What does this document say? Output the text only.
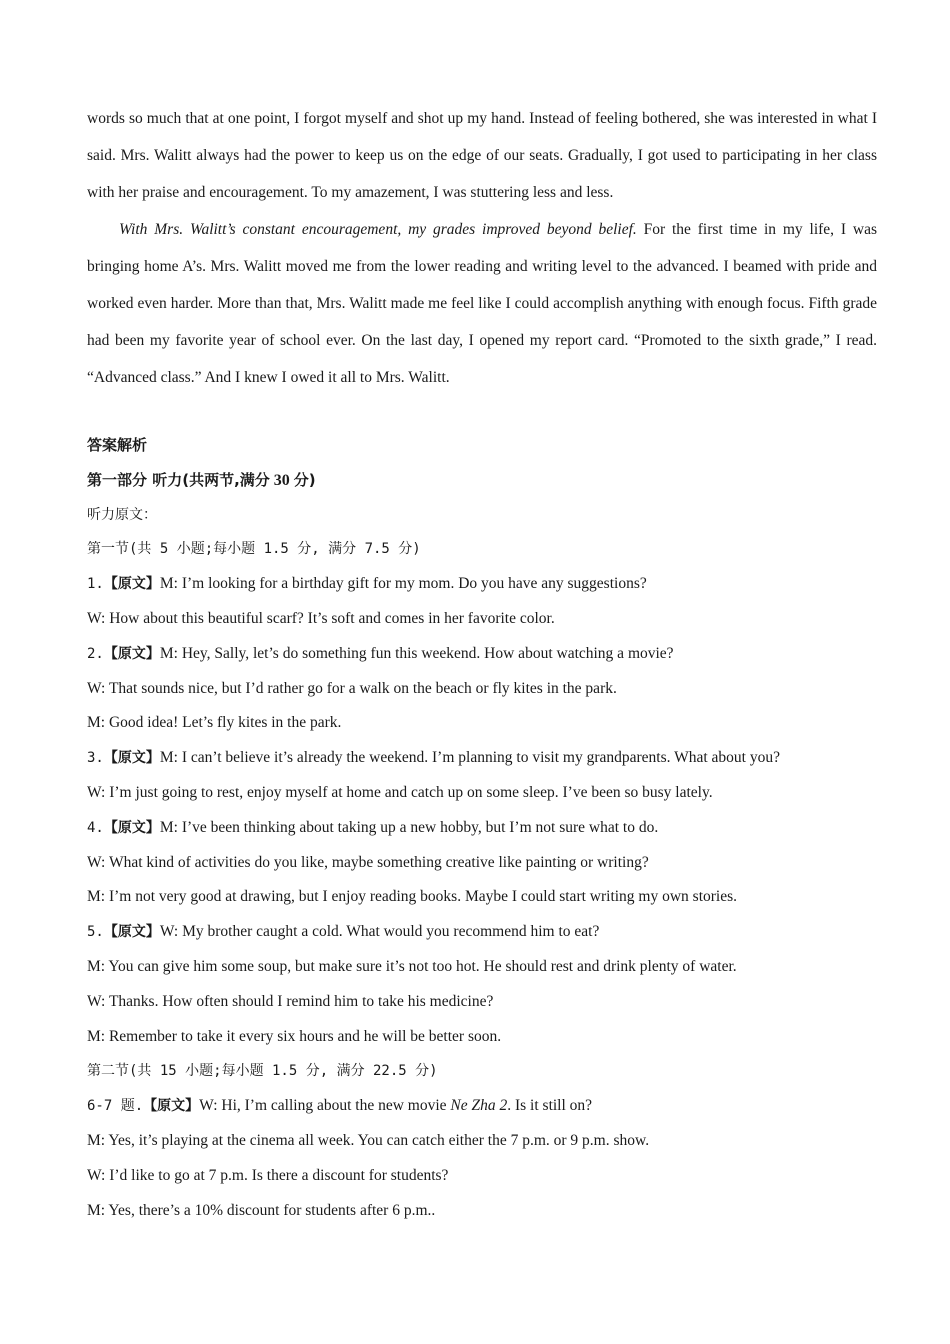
words so much that at one point, I forgot myself and shot up my hand. Instead of feeling bothered, she was interested in what I said. Mrs. Walitt always had the power to keep us on the edge of our seats. Gradually, I got used to participating in her class with her praise and encouragement. To my amazement, I was stuttering less and less.

With Mrs. Walitt’s constant encouragement, my grades improved beyond belief. For the first time in my life, I was bringing home A’s. Mrs. Walitt moved me from the lower reading and writing level to the advanced. I beamed with pride and worked even harder. More than that, Mrs. Walitt made me feel like I could accomplish anything with enough focus. Fifth grade had been my favorite year of school ever. On the last day, I opened my report card. “Promoted to the sixth grade,” I read. “Advanced class.” And I knew I owed it all to Mrs. Walitt.

答案解析
第一部分 听力(共两节,满分 30 分)
听力原文：
第一节(共 5 小题;每小题 1.5 分, 满分 7.5 分)
1.【原文】M: I’m looking for a birthday gift for my mom. Do you have any suggestions?
W: How about this beautiful scarf? It’s soft and comes in her favorite color.
2.【原文】M: Hey, Sally, let’s do something fun this weekend. How about watching a movie?
W: That sounds nice, but I’d rather go for a walk on the beach or fly kites in the park.
M: Good idea! Let’s fly kites in the park.
3.【原文】M: I can’t believe it’s already the weekend. I’m planning to visit my grandparents. What about you?
W: I’m just going to rest, enjoy myself at home and catch up on some sleep. I’ve been so busy lately.
4.【原文】M: I’ve been thinking about taking up a new hobby, but I’m not sure what to do.
W: What kind of activities do you like, maybe something creative like painting or writing?
M: I’m not very good at drawing, but I enjoy reading books. Maybe I could start writing my own stories.
5.【原文】W: My brother caught a cold. What would you recommend him to eat?
M: You can give him some soup, but make sure it’s not too hot. He should rest and drink plenty of water.
W: Thanks. How often should I remind him to take his medicine?
M: Remember to take it every six hours and he will be better soon.
第二节(共 15 小题;每小题 1.5 分, 满分 22.5 分)
6-7 题.【原文】W: Hi, I’m calling about the new movie Ne Zha 2. Is it still on?
M: Yes, it’s playing at the cinema all week. You can catch either the 7 p.m. or 9 p.m. show.
W: I’d like to go at 7 p.m. Is there a discount for students?
M: Yes, there’s a 10% discount for students after 6 p.m..
